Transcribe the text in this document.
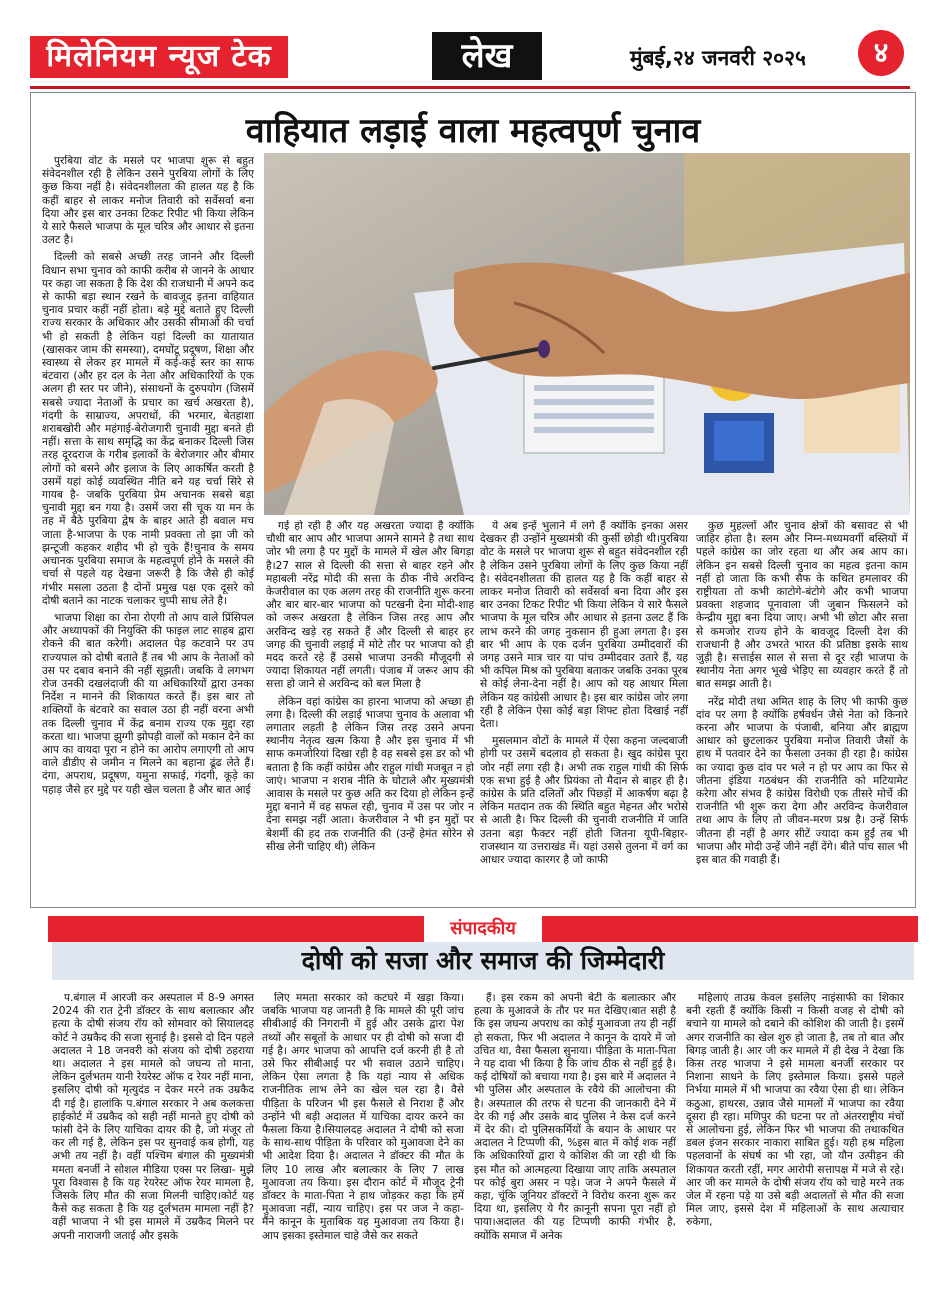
मिलेनियम न्यूज टेक	लेख	मुंबई,२४ जनवरी २०२५	४
वाहियात लड़ाई वाला महत्वपूर्ण चुनाव

पुरबिया वोट के मसले पर भाजपा शुरू से बहुत संवेदनशील रही है लेकिन उसने पुरबिया लोगों के लिए कुछ किया नहीं है। संवेदनशीलता की हालत यह है कि कहीं बाहर से लाकर मनोज तिवारी को सर्वेसर्वा बना दिया और इस बार उनका टिकट रिपीट भी किया लेकिन ये सारे फैसले भाजपा के मूल चरित्र और आधार से इतना उलट है।

दिल्ली को सबसे अच्छी तरह जानने और दिल्ली विधान सभा चुनाव को काफी करीब से जानने के आधार पर कहा जा सकता है कि देश की राजधानी में अपने कद से काफी बड़ा स्थान रखने के बावजूद इतना वाहियात चुनाव प्रचार कहीं नहीं होता। बड़े मुद्दे बताते हुए दिल्ली राज्य सरकार के अधिकार और उसकी सीमाओं की चर्चा भी हो सकती है लेकिन यहां दिल्ली का यातायात (खासकर जाम की समस्या), दमघोंटू प्रदूषण, शिक्षा और स्वास्थ्य से लेकर हर मामले में कई-कई स्तर का साफ बंटवारा (और हर दल के नेता और अधिकारियों के एक अलग ही स्तर पर जीने), संसाधनों के दुरुपयोग (जिसमें सबसे ज्यादा नेताओं के प्रचार का खर्च अखरता है), गंदगी के साम्राज्य, अपराधों, की भरमार, बेतहाशा शराबखोरी और महंगाई-बेरोजगारी चुनावी मुद्दा बनते ही नहीं। सत्ता के साथ समृद्धि का केंद्र बनाकर दिल्ली जिस तरह दूरदराज के गरीब इलाकों के बेरोजगार और बीमार लोगों को बसने और इलाज के लिए आकर्षित करती है उसमें यहां कोई व्यवस्थित नीति बने यह चर्चा सिरे से गायब है- जबकि पुरबिया प्रेम अचानक सबसे बड़ा चुनावी मुद्दा बन गया है। उसमें जरा सी चूक या मन के तह में बैठे पुरबिया द्वेष के बाहर आते ही बवाल मच जाता है-भाजपा के एक नामी प्रवक्ता तो झा जी को झन्टूजी कहकर शहीद भी हो चुके हैं!चुनाव के समय अचानक पुरबिया समाज के महत्वपूर्ण होने के मसले की चर्चा से पहले यह देखना जरूरी है कि जैसे ही कोई गंभीर मसला उठता है दोनों प्रमुख पक्ष एक दूसरे को दोषी बताने का नाटक चलाकर चुप्पी साध लेते है।

भाजपा शिक्षा का रोना रोएगी तो आप वाले प्रिंसिपल और अध्यापकों की नियुक्ति की फाइल लाट साहब द्वारा रोकने की बात करेगी। अदालत पेड़ कटवाने पर उप राज्यपाल को दोषी बताते हैं तब भी आप के नेताओं को उस पर दबाव बनाने की नहीं सूझती। जबकि वे लगभग रोज उनकी दखलंदाजी की या अधिकारियों द्वारा उनका निर्देश न मानने की शिकायत करते हैं। इस बार तो शक्तियों के बंटवारे का सवाल उठा ही नहीं वरना अभी तक दिल्ली चुनाव में केंद्र बनाम राज्य एक मुद्दा रहा करता था। भाजपा झुग्गी झोपड़ी वालों को मकान देने का आप का वायदा पूरा न होने का आरोप लगाएगी तो आप वाले डीडीए से जमीन न मिलने का बहाना ढूंढ लेते हैं। दंगा, अपराध, प्रदूषण, यमुना सफाई, गंदगी, कूड़े का पहाड़ जैसे हर मुद्दे पर यही खेल चलता है और बात आई

गई हो रही है और यह अखरता ज्यादा है क्योंकि चौथी बार आप और भाजपा आमने सामने है तथा साथ जोर भी लगा है पर मुद्दों के मामले में खेल और बिगड़ा है।27 साल से दिल्ली की सत्ता से बाहर रहने और महाबली नरेंद्र मोदी की सत्ता के ठीक नीचे अरविन्द केजरीवाल का एक अलग तरह की राजनीति शुरू करना और बार बार-बार भाजपा को पटखनी देना मोदी-शाह को जरूर अखरता है लेकिन जिस तरह आप और अरविन्द खड़े रह सकते हैं और दिल्ली से बाहर हर जगह की चुनावी लड़ाई में मोटे तौर पर भाजपा को ही मदद करते रहे हैं उससे भाजपा उनकी मौजूदगी से ज्यादा शिकायत नहीं लगती। पंजाब में जरूर आप की सत्ता हो जाने से अरविन्द को बल मिला है

लेकिन वहां कांग्रेस का हारना भाजपा को अच्छा ही लगा है। दिल्ली की लड़ाई भाजपा चुनाव के अलावा भी लगातार लड़ती है लेकिन जिस तरह उसने अपना स्थानीय नेतृत्व खत्म किया है और इस चुनाव में भी साफ कमजोरियां दिखा रही है वह सबसे इस डर को भी बताता है कि कहीं कांग्रेस और राहुल गांधी मजबूत न हो जाएं। भाजपा न शराब नीति के घोटाले और मुख्यमंत्री आवास के मसले पर कुछ अति कर दिया हो लेकिन इन्हें मुद्दा बनाने में वह सफल रही, चुनाव में उस पर जोर न देना समझ नहीं आता। केजरीवाल ने भी इन मुद्दों पर बेशर्मी की हद तक राजनीति की (उन्हें हेमंत सोरेन से सीख लेनी चाहिए थी) लेकिन

ये अब इन्हें भुलाने में लगे हैं क्योंकि इनका असर देखकर ही उन्होंने मुख्यमंत्री की कुर्सी छोड़ी थी।पुरबिया वोट के मसले पर भाजपा शुरू से बहुत संवेदनशील रही है लेकिन उसने पुरबिया लोगों के लिए कुछ किया नहीं है। संवेदनशीलता की हालत यह है कि कहीं बाहर से लाकर मनोज तिवारी को सर्वेसर्वा बना दिया और इस बार उनका टिकट रिपीट भी किया लेकिन ये सारे फैसले भाजपा के मूल चरित्र और आधार से इतना उलट हैं कि लाभ करने की जगह नुकसान ही हुआ लगता है। इस बार भी आप के एक दर्जन पुरबिया उम्मीदवारों की जगह उसने मात्र चार या पांच उम्मीदवार उतारे हैं, यह भी कपिल मिश्र को पुरबिया बताकर जबकि उनका पूरब से कोई लेना-देना नहीं है। आप को यह आधार मिला लेकिन यह कांग्रेसी आधार है। इस बार कांग्रेस जोर लगा रही है लेकिन ऐसा कोई बड़ा शिफ्ट होता दिखाई नहीं देता।

मुसलमान वोटों के मामले में ऐसा कहना जल्दबाजी होगी पर उसमें बदलाव हो सकता है। खुद कांग्रेस पूरा जोर नहीं लगा रही है। अभी तक राहुल गांधी की सिर्फ एक सभा हुई है और प्रियंका तो मैदान से बाहर ही है। कांग्रेस के प्रति दलितों और पिछड़ों में आकर्षण बढ़ा है लेकिन मतदान तक की स्थिति बहुत मेहनत और भरोसे से आती है। फिर दिल्ली की चुनावी राजनीति में जाति उतना बड़ा फैक्टर नहीं होती जितना यूपी-बिहार-राजस्थान या उत्तराखंड में। यहां उससे तुलना में वर्ग का आधार ज्यादा कारगर है जो काफी

कुछ मुहल्लों और चुनाव क्षेत्रों की बसावट से भी जाहिर होता है। स्लम और निम्न-मध्यमवर्गी बस्तियों में पहले कांग्रेस का जोर रहता था और अब आप का।लेकिन इन सबसे दिल्ली चुनाव का महत्व इतना काम नहीं हो जाता कि कभी सैफ के कथित हमलावर की राष्ट्रीयता तो कभी काटोगे-बंटोगे और कभी भाजपा प्रवक्ता शहजाद पूनावाला जी जुबान फिसलने को केन्द्रीय मुद्दा बना दिया जाए। अभी भी छोटा और सत्ता से कमजोर राज्य होने के बावजूद दिल्ली देश की राजधानी है और उभरते भारत की प्रतिष्ठा इसके साथ जुड़ी है। सत्ताईस साल से सत्ता से दूर रही भाजपा के स्थानीय नेता अगर भूखे भेड़िए सा व्यवहार करते हैं तो बात समझ आती है।

नरेंद्र मोदी तथा अमित शाह के लिए भी काफी कुछ दांव पर लगा है क्योंकि हर्षवर्धन जैसे नेता को किनारे करना और भाजपा के पंजाबी, बनिया और ब्राह्मण आधार को छुटलाकर पुरबिया मनोज तिवारी जैसों के हाथ में पतवार देने का फैसला उनका ही रहा है। कांग्रेस का ज्यादा कुछ दांव पर भले न हो पर आप का फिर से जीतना इंडिया गठबंधन की राजनीति को मटियामेट करेगा और संभव है कांग्रेस विरोधी एक तीसरे मोर्चे की राजनीति भी शुरू करा देगा और अरविन्द केजरीवाल तथा आप के लिए तो जीवन-मरण प्रश्न है। उन्हें सिर्फ जीतना ही नहीं है अगर सीटें ज्यादा कम हुईं तब भी भाजपा और मोदी उन्हें जीने नहीं देंगे। बीते पांच साल भी इस बात की गवाही हैं।

संपादकीय
दोषी को सजा और समाज की जिम्मेदारी

प.बंगाल में आरजी कर अस्पताल में 8-9 अगस्त 2024 की रात ट्रेनी डॉक्टर के साथ बलात्कार और हत्या के दोषी संजय रॉय को सोमवार को सियालदह कोर्ट ने उम्रकैद की सजा सुनाई है। इससे दो दिन पहले अदालत ने 18 जनवरी को संजय को दोषी ठहराया था। अदालत ने इस मामले को जघन्य तो माना, लेकिन दुर्लभतम यानी रेयरेस्ट ऑफ द रेयर नहीं माना, इसलिए दोषी को मृत्युदंड न देकर मरने तक उम्रकैद दी गई है। हालांकि प.बंगाल सरकार ने अब कलकत्ता हाईकोर्ट में उम्रकैद को सही नहीं मानते हुए दोषी को फांसी देने के लिए याचिका दायर की है, जो मंजूर तो कर ली गई है, लेकिन इस पर सुनवाई कब होगी, यह अभी तय नहीं है। वहीं पश्चिम बंगाल की मुख्यमंत्री ममता बनर्जी ने सोशल मीडिया एक्स पर लिखा- मुझे पूरा विश्वास है कि यह रेयरेस्ट ऑफ रेयर मामला है, जिसके लिए मौत की सजा मिलनी चाहिए।कोर्ट यह कैसे कह सकता है कि यह दुर्लभतम मामला नहीं है? वहीं भाजपा ने भी इस मामले में उम्रकैद मिलने पर अपनी नाराजगी जताई और इसके

लिए ममता सरकार को कटघरे में खड़ा किया। जबकि भाजपा यह जानती है कि मामले की पूरी जांच सीबीआई की निगरानी में हुई और उसके द्वारा पेश तथ्यों और सबूतों के आधार पर ही दोषी को सजा दी गई है। अगर भाजपा को आपत्ति दर्ज करनी ही है तो उसे फिर सीबीआई पर भी सवाल उठाने चाहिए। लेकिन ऐसा लगता है कि यहां न्याय से अधिक राजनीतिक लाभ लेने का खेल चल रहा है। वैसे पीड़िता के परिजन भी इस फैसले से निराश हैं और उन्होंने भी बड़ी अदालत में याचिका दायर करने का फैसला किया है।सियालदह अदालत ने दोषी को सजा के साथ-साथ पीड़िता के परिवार को मुआवजा देने का भी आदेश दिया है। अदालत ने डॉक्टर की मौत के लिए 10 लाख और बलात्कार के लिए 7 लाख मुआवजा तय किया। इस दौरान कोर्ट में मौजूद ट्रेनी डॉक्टर के माता-पिता ने हाथ जोड़कर कहा कि हमें मुआवजा नहीं, न्याय चाहिए। इस पर जज ने कहा- मैंने कानून के मुताबिक यह मुआवजा तय किया है। आप इसका इस्तेमाल चाहे जैसे कर सकते

हैं। इस रकम को अपनी बेटी के बलात्कार और हत्या के मुआवजे के तौर पर मत देखिए।बात सही है कि इस जघन्य अपराध का कोई मुआवजा तय ही नहीं हो सकता, फिर भी अदालत ने कानून के दायरे में जो उचित था, वैसा फैसला सुनाया। पीड़िता के माता-पिता ने यह दावा भी किया है कि जांच ठीक से नहीं हुई है। कई दोषियों को बचाया गया है। इस बारे में अदालत ने भी पुलिस और अस्पताल के रवैये की आलोचना की है। अस्पताल की तरफ से घटना की जानकारी देने में देर की गई और उसके बाद पुलिस ने केस दर्ज करने में देर की। दो पुलिसकर्मियों के बयान के आधार पर अदालत ने टिप्पणी की, %इस बात में कोई शक नहीं कि अधिकारियों द्वारा ये कोशिश की जा रही थी कि इस मौत को आत्महत्या दिखाया जाए ताकि अस्पताल पर कोई बुरा असर न पड़े। जज ने अपने फैसले में कहा, चूंकि जूनियर डॉक्टरों ने विरोध करना शुरू कर दिया था, इसलिए ये गैर क़ानूनी सपना पूरा नहीं हो पाया।अदालत की यह टिप्पणी काफी गंभीर है, क्योंकि समाज में अनेक

महिलाएं ताउम्र केवल इसलिए नाइंसाफी का शिकार बनी रहती हैं क्योंकि किसी न किसी वजह से दोषी को बचाने या मामले को दबाने की कोशिश की जाती है। इसमें अगर राजनीति का खेल शुरु हो जाता है, तब तो बात और बिगड़ जाती है। आर जी कर मामले में ही देख ने देखा कि किस तरह भाजपा ने इसे मामला बनर्जी सरकार पर निशाना साधने के लिए इस्तेमाल किया। इससे पहले निर्भया मामले में भी भाजपा का रवैया ऐसा ही था। लेकिन कठुआ, हाथरस, उन्नाव जैसे मामलों में भाजपा का रवैया दूसरा ही रहा। मणिपुर की घटना पर तो अंतरराष्ट्रीय मंचों से आलोचना हुई, लेकिन फिर भी भाजपा की तथाकथित डबल इंजन सरकार नाकारा साबित हुई। यही हश्र महिला पहलवानों के संघर्ष का भी रहा, जो यौन उत्पीड़न की शिकायत करती रहीं, मगर आरोपी सत्तापक्ष में मजे से रहे।आर जी कर मामले के दोषी संजय रॉय को चाहे मरने तक जेल में रहना पड़े या उसे बड़ी अदालतों से मौत की सजा मिल जाए, इससे देश में महिलाओं के साथ अत्याचार रुकेगा,
